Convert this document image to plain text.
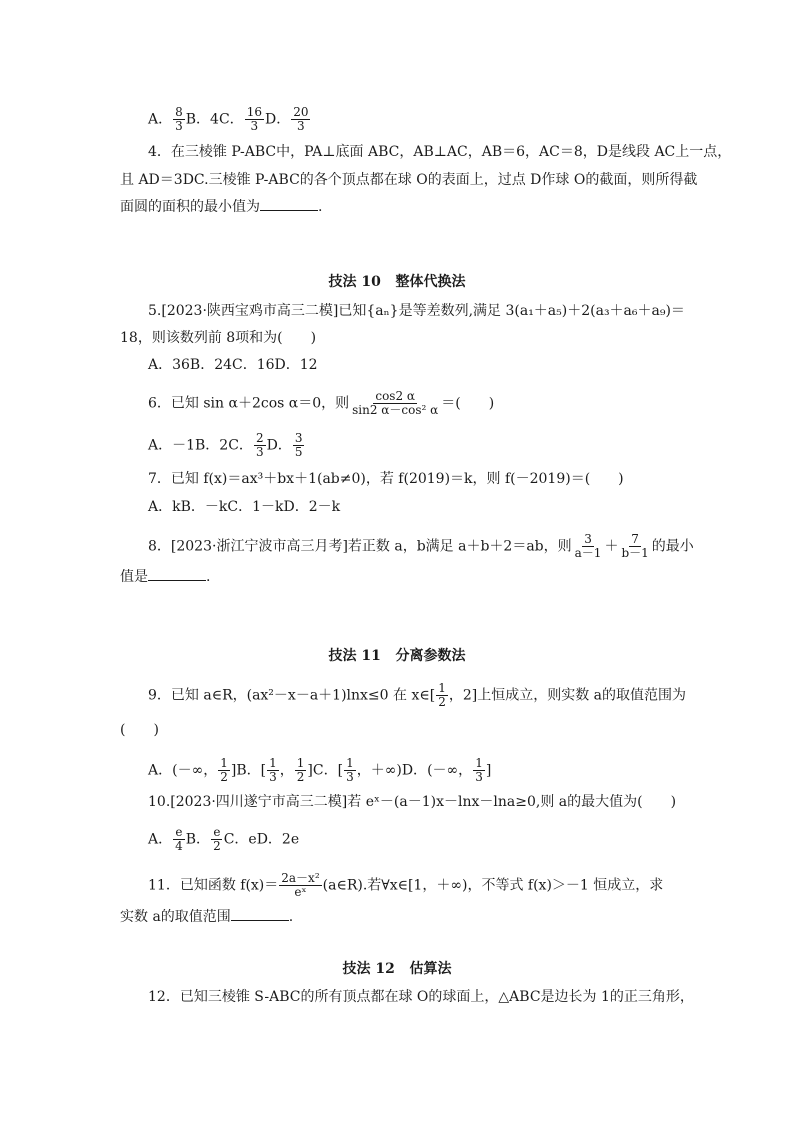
A． $\frac{8}{3}$ B．4C． $\frac{16}{3}$ D． $\frac{20}{3}$
4．在三棱锥 P-ABC中，PA⊥底面 ABC，AB⊥AC，AB＝6，AC＝8，D是线段 AC上一点，
且 AD＝3DC.三棱锥 P-ABC的各个顶点都在球 O的表面上，过点 D作球 O的截面，则所得截
面圆的面积的最小值为	.
技法 10 整体代换法
5.[2023·陕西宝鸡市高三二模]已知{aₙ}是等差数列,满足 3(a₁＋a₅)＋2(a₃＋a₆＋a₉)＝
18，则该数列前 8项和为(　　)
A．36B．24C．16D．12
6．已知 sin α＋2cos α＝0，则 $\frac{\cos 2 \alpha}{\text{sin2 α－cos² α}}$ ＝(　　)
A．－1B．2C． $\frac{2}{3}$ D． $\frac{3}{5}$
7．已知 f(x)＝ax³＋bx＋1(ab≠0)，若 f(2019)＝k，则 f(－2019)＝(　　)
A．kB．－kC．1－kD．2－k
8．[2023·浙江宁波市高三月考]若正数 a，b满足 a＋b＋2＝ab，则 $\frac{3}{a-1} + \frac{7}{b-1}$ 的最小
值是	.
技法 11 分离参数法
9．已知 a∈R，(ax²－x－a＋1)lnx≤0 在 x∈[ $\frac{1}{2}$ ，2]上恒成立，则实数 a的取值范围为
(　　)
A．(－∞， $\frac{1}{2} ]B$．[ $\frac{1}{3}$ ， $\frac{1}{2} ]C$．[ $\frac{1}{3}$ ，＋∞)D．(－∞， $\frac{1}{3}$ ]
10.[2023·四川遂宁市高三二模]若 eˣ－(a－1)x－lnx－lna≥0,则 a的最大值为(　　)
A． $\frac{e}{4}$ B． $\frac{e}{2}$ C．eD．2e
11．已知函数 $f(x)= \frac{\text{2a－x²}}{\text{eˣ}}$ (a∈R).若∀x∈[1，＋∞)，不等式 f(x)＞－1 恒成立，求
实数 a的取值范围	.
技法 12 估算法
12．已知三棱锥 S-ABC的所有顶点都在球 O的球面上，△ABC是边长为 1的正三角形，
